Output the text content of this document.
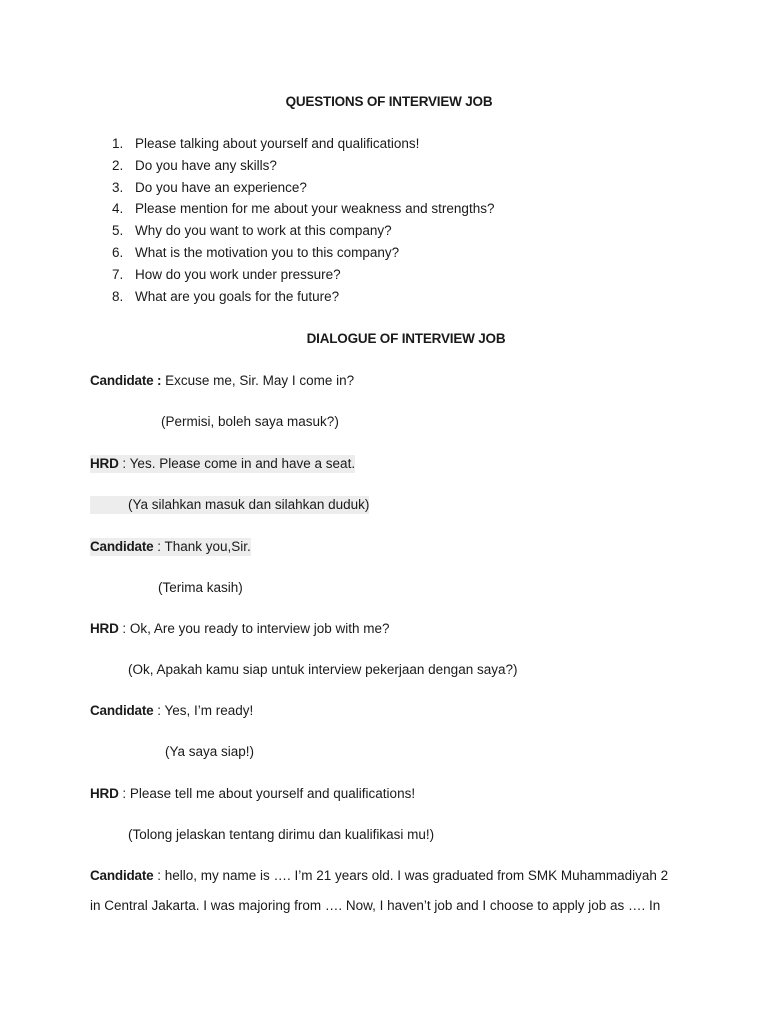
QUESTIONS OF INTERVIEW JOB
1. Please talking about yourself and qualifications!
2. Do you have any skills?
3. Do you have an experience?
4. Please mention for me about your weakness and strengths?
5. Why do you want to work at this company?
6. What is the motivation you to this company?
7. How do you work under pressure?
8. What are you goals for the future?
DIALOGUE OF INTERVIEW JOB
Candidate : Excuse me, Sir. May I come in?
(Permisi, boleh saya masuk?)
HRD : Yes. Please come in and have a seat.
(Ya silahkan masuk dan silahkan duduk)
Candidate : Thank you,Sir.
(Terima kasih)
HRD : Ok, Are you ready to interview job with me?
(Ok, Apakah kamu siap untuk interview pekerjaan dengan saya?)
Candidate : Yes, I’m ready!
(Ya saya siap!)
HRD : Please tell me about yourself and qualifications!
(Tolong jelaskan tentang dirimu dan kualifikasi mu!)
Candidate : hello, my name is …. I’m 21 years old. I was graduated from SMK Muhammadiyah 2
in Central Jakarta. I was majoring from …. Now, I haven’t job and I choose to apply job as …. In
